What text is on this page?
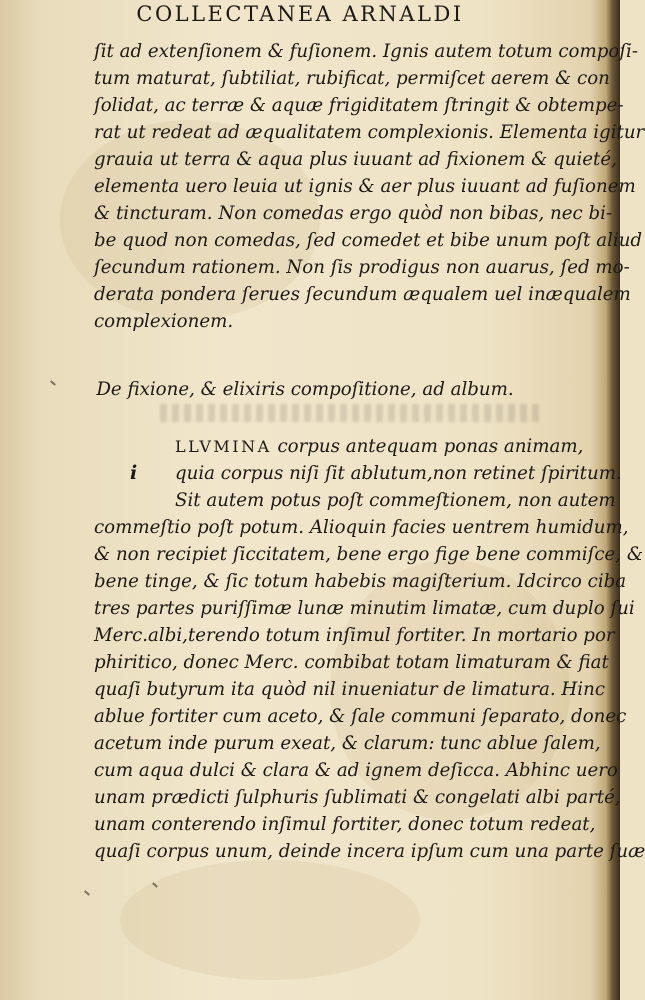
COLLECTANEA ARNALDI
ſit ad extenſionem & fuſionem. Ignis autem totum compoſi-
tum maturat, ſubtiliat, rubificat, permiſcet aerem & con
ſolidat, ac terræ & aquæ frigiditatem ſtringit & obtempe-
rat ut redeat ad æqualitatem complexionis. Elementa igitur
grauia ut terra & aqua plus iuuant ad fixionem & quieté,
elementa uero leuia ut ignis & aer plus iuuant ad fuſionem
& tincturam. Non comedas ergo quòd non bibas, nec bi-
be quod non comedas, ſed comedet et bibe unum poſt aliud
ſecundum rationem. Non ſis prodigus non auarus, ſed mo-
derata pondera ſerues ſecundum æqualem uel inæqualem
complexionem.
De fixione, & elixiris compoſitione, ad album.
i
LLVMINA corpus antequam ponas animam,
quia corpus niſi ſit ablutum,non retinet ſpiritum.
Sit autem potus poſt commeſtionem, non autem
commeſtio poſt potum. Alioquin facies uentrem humidum,
& non recipiet ſiccitatem, bene ergo fige bene commiſce, &
bene tinge, & ſic totum habebis magiſterium. Idcirco ciba
tres partes puriſſimæ lunæ minutim limatæ, cum duplo ſui
Merc.albi,terendo totum inſimul fortiter. In mortario por
phiritico, donec Merc. combibat totam limaturam & fiat
quaſi butyrum ita quòd nil inueniatur de limatura. Hinc
ablue fortiter cum aceto, & ſale communi ſeparato, donec
acetum inde purum exeat, & clarum: tunc ablue ſalem,
cum aqua dulci & clara & ad ignem deſicca. Abhinc uero
unam prædicti ſulphuris ſublimati & congelati albi parté,
unam conterendo inſimul fortiter, donec totum redeat,
quaſi corpus unum, deinde incera ipſum cum una parte ſuæ
